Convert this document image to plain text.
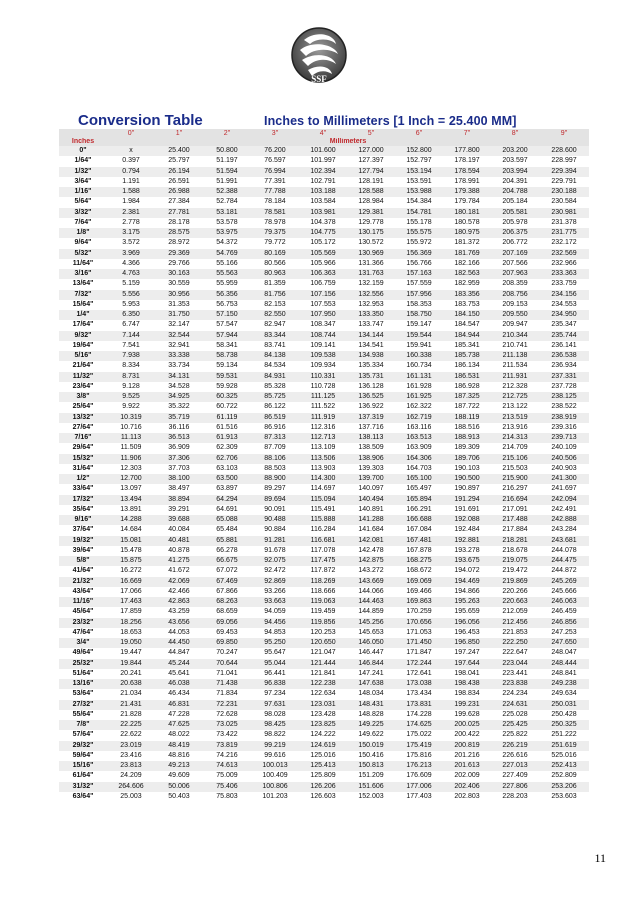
SSF
Conversion Table	Inches to Millimeters [1 Inch = 25.400 MM]
	0"	1"	2"	3"	4"	5"	6"	7"	8"	9"
Inches	Millimeters									
0"	x	25.400	50.800	76.200	101.600	127.000	152.800	177.800	203.200	228.600
1/64"	0.397	25.797	51.197	76.597	101.997	127.397	152.797	178.197	203.597	228.997
1/32"	0.794	26.194	51.594	76.994	102.394	127.794	153.194	178.594	203.994	229.394
3/64"	1.191	26.591	51.991	77.391	102.791	128.191	153.591	178.991	204.391	229.791
1/16"	1.588	26.988	52.388	77.788	103.188	128.588	153.988	179.388	204.788	230.188
5/64"	1.984	27.384	52.784	78.184	103.584	128.984	154.384	179.784	205.184	230.584
3/32"	2.381	27.781	53.181	78.581	103.981	129.381	154.781	180.181	205.581	230.981
7/64"	2.778	28.178	53.578	78.978	104.378	129.778	155.178	180.578	205.978	231.378
1/8"	3.175	28.575	53.975	79.375	104.775	130.175	155.575	180.975	206.375	231.775
9/64"	3.572	28.972	54.372	79.772	105.172	130.572	155.972	181.372	206.772	232.172
5/32"	3.969	29.369	54.769	80.169	105.569	130.969	156.369	181.769	207.169	232.569
11/64"	4.366	29.766	55.166	80.566	105.966	131.366	156.766	182.166	207.566	232.966
3/16"	4.763	30.163	55.563	80.963	106.363	131.763	157.163	182.563	207.963	233.363
13/64"	5.159	30.559	55.959	81.359	106.759	132.159	157.559	182.959	208.359	233.759
7/32"	5.556	30.956	56.356	81.756	107.156	132.556	157.956	183.356	208.756	234.156
15/64"	5.953	31.353	56.753	82.153	107.553	132.953	158.353	183.753	209.153	234.553
1/4"	6.350	31.750	57.150	82.550	107.950	133.350	158.750	184.150	209.550	234.950
17/64"	6.747	32.147	57.547	82.947	108.347	133.747	159.147	184.547	209.947	235.347
9/32"	7.144	32.544	57.944	83.344	108.744	134.144	159.544	184.944	210.344	235.744
19/64"	7.541	32.941	58.341	83.741	109.141	134.541	159.941	185.341	210.741	236.141
5/16"	7.938	33.338	58.738	84.138	109.538	134.938	160.338	185.738	211.138	236.538
21/64"	8.334	33.734	59.134	84.534	109.934	135.334	160.734	186.134	211.534	236.934
11/32"	8.731	34.131	59.531	84.931	110.331	135.731	161.131	186.531	211.931	237.331
23/64"	9.128	34.528	59.928	85.328	110.728	136.128	161.928	186.928	212.328	237.728
3/8"	9.525	34.925	60.325	85.725	111.125	136.525	161.925	187.325	212.725	238.125
25/64"	9.922	35.322	60.722	86.122	111.522	136.922	162.322	187.722	213.122	238.522
13/32"	10.319	35.719	61.119	86.519	111.919	137.319	162.719	188.119	213.519	238.919
27/64"	10.716	36.116	61.516	86.916	112.316	137.716	163.116	188.516	213.916	239.316
7/16"	11.113	36.513	61.913	87.313	112.713	138.113	163.513	188.913	214.313	239.713
29/64"	11.509	36.909	62.309	87.709	113.109	138.509	163.909	189.309	214.709	240.109
15/32"	11.906	37.306	62.706	88.106	113.506	138.906	164.306	189.706	215.106	240.506
31/64"	12.303	37.703	63.103	88.503	113.903	139.303	164.703	190.103	215.503	240.903
1/2"	12.700	38.100	63.500	88.900	114.300	139.700	165.100	190.500	215.900	241.300
33/64"	13.097	38.497	63.897	89.297	114.697	140.097	165.497	190.897	216.297	241.697
17/32"	13.494	38.894	64.294	89.694	115.094	140.494	165.894	191.294	216.694	242.094
35/64"	13.891	39.291	64.691	90.091	115.491	140.891	166.291	191.691	217.091	242.491
9/16"	14.288	39.688	65.088	90.488	115.888	141.288	166.688	192.088	217.488	242.888
37/64"	14.684	40.084	65.484	90.884	116.284	141.684	167.084	192.484	217.884	243.284
19/32"	15.081	40.481	65.881	91.281	116.681	142.081	167.481	192.881	218.281	243.681
39/64"	15.478	40.878	66.278	91.678	117.078	142.478	167.878	193.278	218.678	244.078
5/8"	15.875	41.275	66.675	92.075	117.475	142.875	168.275	193.675	219.075	244.475
41/64"	16.272	41.672	67.072	92.472	117.872	143.272	168.672	194.072	219.472	244.872
21/32"	16.669	42.069	67.469	92.869	118.269	143.669	169.069	194.469	219.869	245.269
43/64"	17.066	42.466	67.866	93.266	118.666	144.066	169.466	194.866	220.266	245.666
11/16"	17.463	42.863	68.263	93.663	119.063	144.463	169.863	195.263	220.663	246.063
45/64"	17.859	43.259	68.659	94.059	119.459	144.859	170.259	195.659	212.059	246.459
23/32"	18.256	43.656	69.056	94.456	119.856	145.256	170.656	196.056	212.456	246.856
47/64"	18.653	44.053	69.453	94.853	120.253	145.653	171.053	196.453	221.853	247.253
3/4"	19.050	44.450	69.850	95.250	120.650	146.050	171.450	196.850	222.250	247.650
49/64"	19.447	44.847	70.247	95.647	121.047	146.447	171.847	197.247	222.647	248.047
25/32"	19.844	45.244	70.644	95.044	121.444	146.844	172.244	197.644	223.044	248.444
51/64"	20.241	45.641	71.041	96.441	121.841	147.241	172.641	198.041	223.441	248.841
13/16"	20.638	46.038	71.438	96.838	122.238	147.638	173.038	198.438	223.838	249.238
53/64"	21.034	46.434	71.834	97.234	122.634	148.034	173.434	198.834	224.234	249.634
27/32"	21.431	46.831	72.231	97.631	123.031	148.431	173.831	199.231	224.631	250.031
55/64"	21.828	47.228	72.628	98.028	123.428	148.828	174.228	199.628	225.028	250.428
7/8"	22.225	47.625	73.025	98.425	123.825	149.225	174.625	200.025	225.425	250.325
57/64"	22.622	48.022	73.422	98.822	124.222	149.622	175.022	200.422	225.822	251.222
29/32"	23.019	48.419	73.819	99.219	124.619	150.019	175.419	200.819	226.219	251.619
59/64"	23.416	48.816	74.216	99.616	125.016	150.416	175.816	201.216	226.616	525.016
15/16"	23.813	49.213	74.613	100.013	125.413	150.813	176.213	201.613	227.013	252.413
61/64"	24.209	49.609	75.009	100.409	125.809	151.209	176.609	202.009	227.409	252.809
31/32"	264.606	50.006	75.406	100.806	126.206	151.606	177.006	202.406	227.806	253.206
63/64"	25.003	50.403	75.803	101.203	126.603	152.003	177.403	202.803	228.203	253.603
11
